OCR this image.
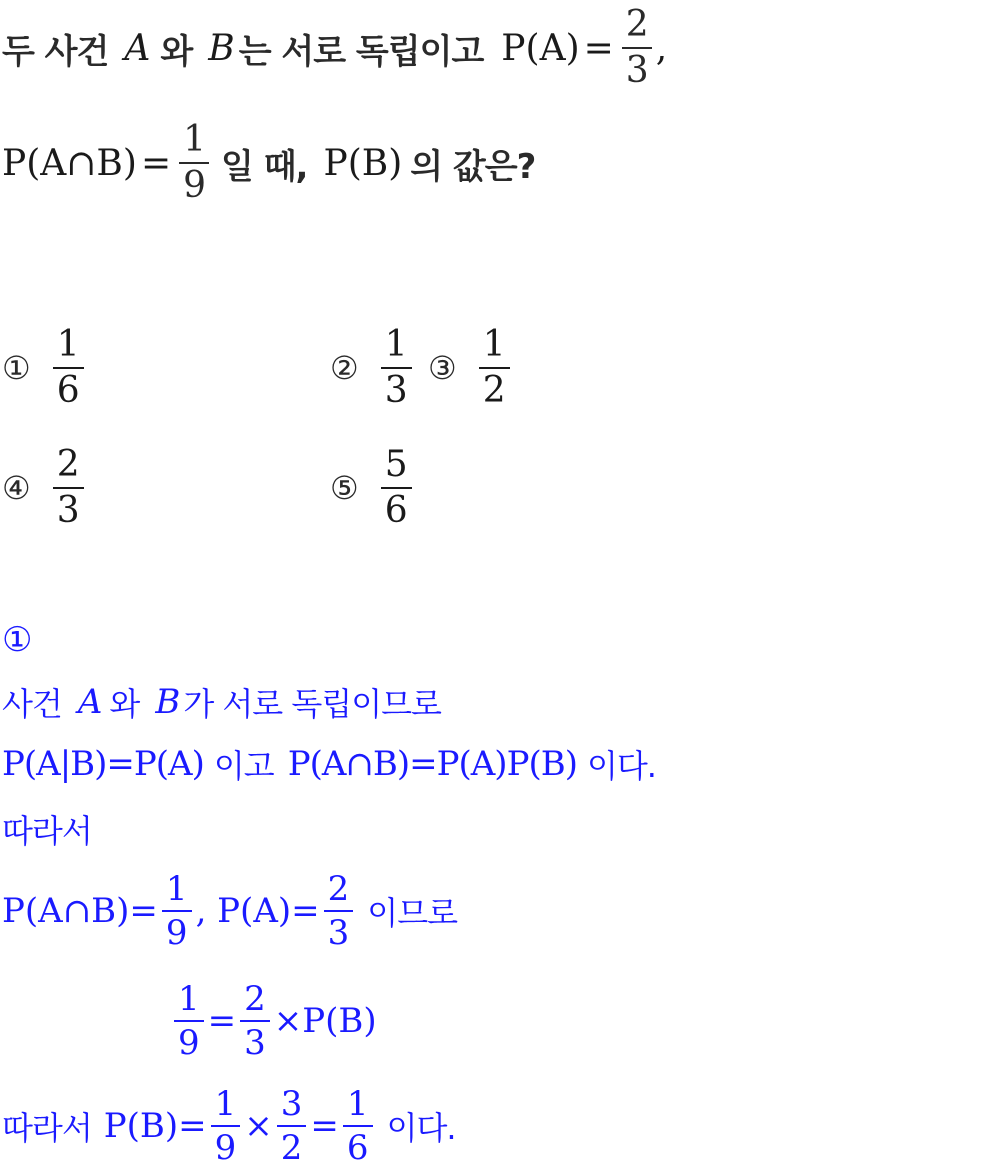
두 사건 A 와 B 는 서로 독립이고 $P(A) = \frac{2}{3}$ ,
P(A∩B) = $\frac{1}{9}$ 일 때, P(B) 의 값은?
① $\frac{1}{6}$	② $\frac{1}{3}$ ③ $\frac{1}{2}$
④ $\frac{2}{3}$	⑤ $\frac{5}{6}$
①
사건 A 와 B 가 서로 독립이므로
P(A|B)=P(A) 이고 P(A∩B)=P(A)P(B) 이다.
따라서
P(A∩B)= $\frac{1}{9}$ , $P(A)= \frac{2}{3}$ 이므로
$\frac{1}{9} = \frac{2}{3} \times P(B)$
따라서 $P(B)= \frac{1}{9} \times \frac{3}{2} = \frac{1}{6}$ 이다.
